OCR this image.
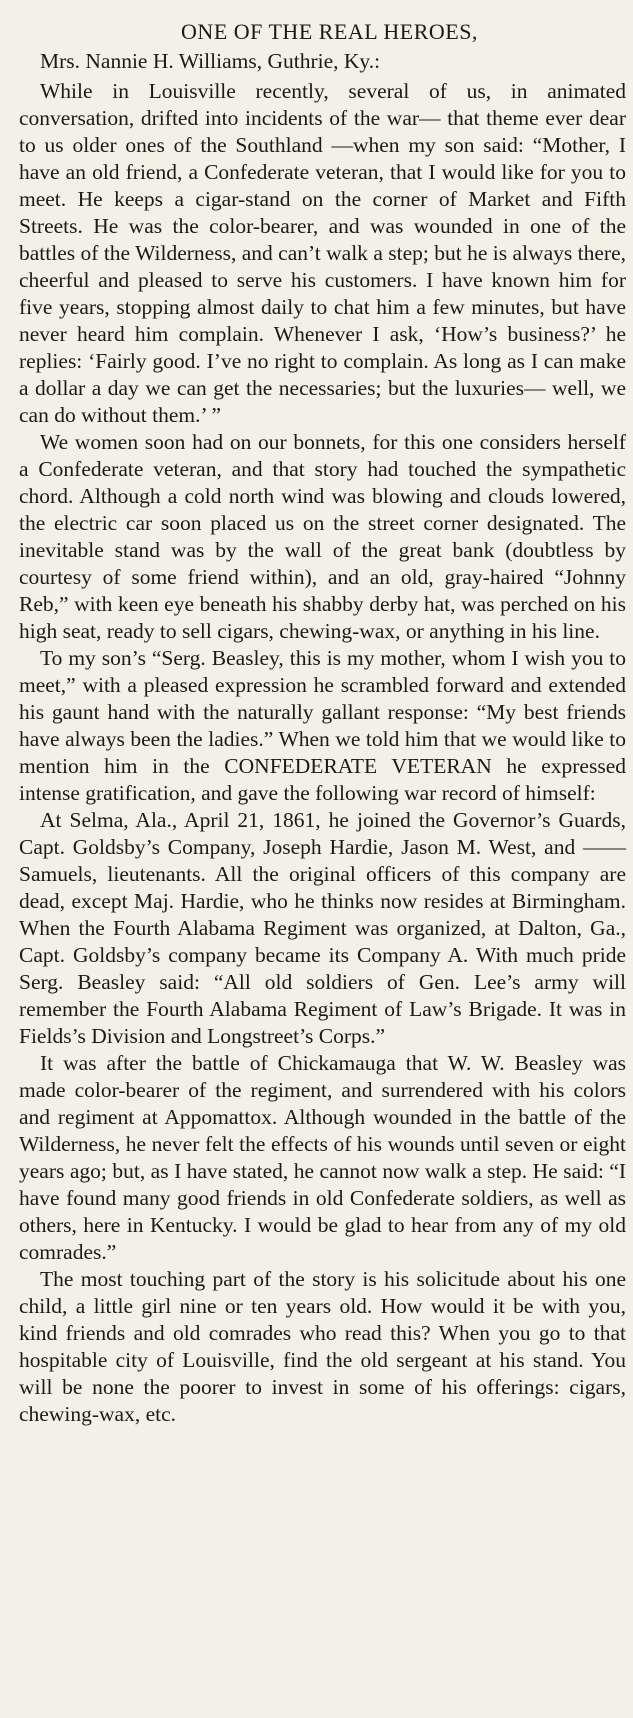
ONE OF THE REAL HEROES,

Mrs. Nannie H. Williams, Guthrie, Ky.:

While in Louisville recently, several of us, in animated conversation, drifted into incidents of the war— that theme ever dear to us older ones of the Southland —when my son said: “Mother, I have an old friend, a Confederate veteran, that I would like for you to meet. He keeps a cigar-stand on the corner of Market and Fifth Streets. He was the color-bearer, and was wounded in one of the battles of the Wilderness, and can’t walk a step; but he is always there, cheerful and pleased to serve his customers. I have known him for five years, stopping almost daily to chat him a few minutes, but have never heard him complain. Whenever I ask, ‘How’s business?’ he replies: ‘Fairly good. I’ve no right to complain. As long as I can make a dollar a day we can get the necessaries; but the luxuries— well, we can do without them.’ ”

We women soon had on our bonnets, for this one considers herself a Confederate veteran, and that story had touched the sympathetic chord. Although a cold north wind was blowing and clouds lowered, the electric car soon placed us on the street corner designated. The inevitable stand was by the wall of the great bank (doubtless by courtesy of some friend within), and an old, gray-haired “Johnny Reb,” with keen eye beneath his shabby derby hat, was perched on his high seat, ready to sell cigars, chewing-wax, or anything in his line.

To my son’s “Serg. Beasley, this is my mother, whom I wish you to meet,” with a pleased expression he scrambled forward and extended his gaunt hand with the naturally gallant response: “My best friends have always been the ladies.” When we told him that we would like to mention him in the CONFEDERATE VETERAN he expressed intense gratification, and gave the following war record of himself:

At Selma, Ala., April 21, 1861, he joined the Governor’s Guards, Capt. Goldsby’s Company, Joseph Hardie, Jason M. West, and —— Samuels, lieutenants. All the original officers of this company are dead, except Maj. Hardie, who he thinks now resides at Birmingham. When the Fourth Alabama Regiment was organized, at Dalton, Ga., Capt. Goldsby’s company became its Company A. With much pride Serg. Beasley said: “All old soldiers of Gen. Lee’s army will remember the Fourth Alabama Regiment of Law’s Brigade. It was in Fields’s Division and Longstreet’s Corps.”

It was after the battle of Chickamauga that W. W. Beasley was made color-bearer of the regiment, and surrendered with his colors and regiment at Appomattox. Although wounded in the battle of the Wilderness, he never felt the effects of his wounds until seven or eight years ago; but, as I have stated, he cannot now walk a step. He said: “I have found many good friends in old Confederate soldiers, as well as others, here in Kentucky. I would be glad to hear from any of my old comrades.”

The most touching part of the story is his solicitude about his one child, a little girl nine or ten years old. How would it be with you, kind friends and old comrades who read this? When you go to that hospitable city of Louisville, find the old sergeant at his stand. You will be none the poorer to invest in some of his offerings: cigars, chewing-wax, etc.
